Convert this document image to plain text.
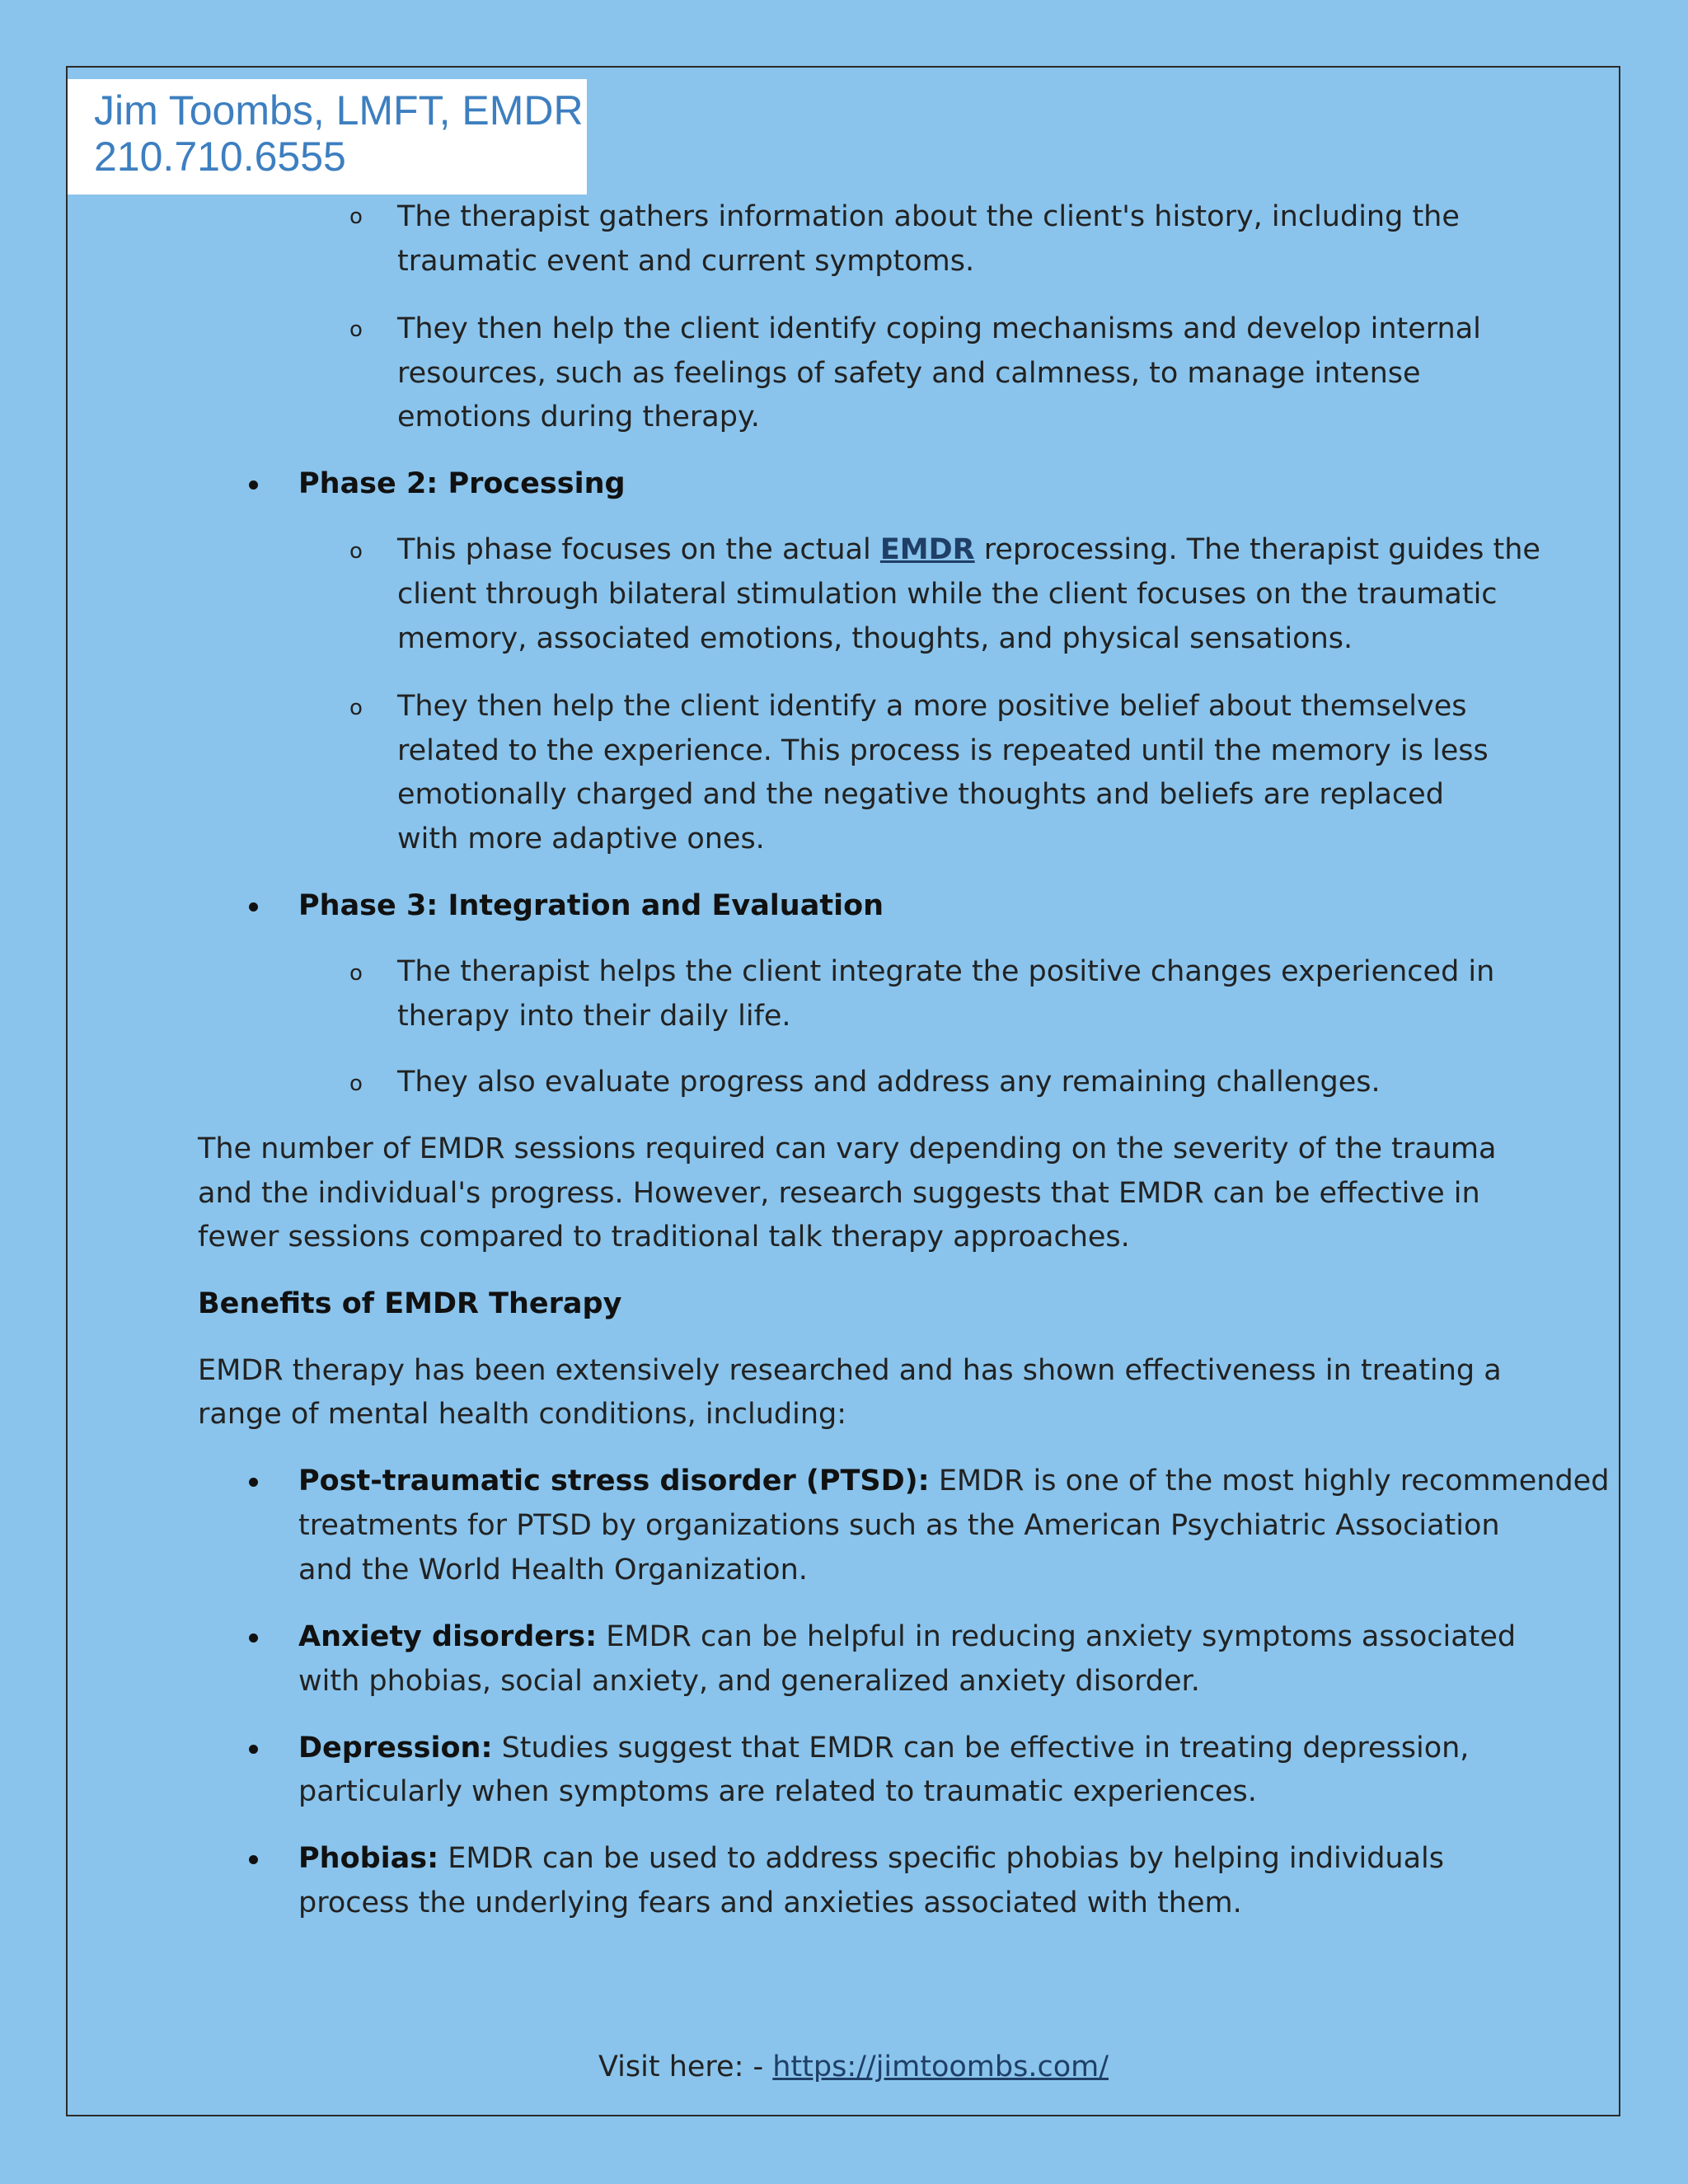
Jim Toombs, LMFT, EMDR
210.710.6555
o The therapist gathers information about the client's history, including the
traumatic event and current symptoms.
o They then help the client identify coping mechanisms and develop internal
resources, such as feelings of safety and calmness, to manage intense
emotions during therapy.
Phase 2: Processing
o This phase focuses on the actual EMDR reprocessing. The therapist guides the
client through bilateral stimulation while the client focuses on the traumatic
memory, associated emotions, thoughts, and physical sensations.
o They then help the client identify a more positive belief about themselves
related to the experience. This process is repeated until the memory is less
emotionally charged and the negative thoughts and beliefs are replaced
with more adaptive ones.
Phase 3: Integration and Evaluation
o The therapist helps the client integrate the positive changes experienced in
therapy into their daily life.
o They also evaluate progress and address any remaining challenges.
The number of EMDR sessions required can vary depending on the severity of the trauma
and the individual's progress. However, research suggests that EMDR can be effective in
fewer sessions compared to traditional talk therapy approaches.
Benefits of EMDR Therapy
EMDR therapy has been extensively researched and has shown effectiveness in treating a
range of mental health conditions, including:
Post-traumatic stress disorder (PTSD): EMDR is one of the most highly recommended
treatments for PTSD by organizations such as the American Psychiatric Association
and the World Health Organization.
Anxiety disorders: EMDR can be helpful in reducing anxiety symptoms associated
with phobias, social anxiety, and generalized anxiety disorder.
Depression: Studies suggest that EMDR can be effective in treating depression,
particularly when symptoms are related to traumatic experiences.
Phobias: EMDR can be used to address specific phobias by helping individuals
process the underlying fears and anxieties associated with them.
Visit here: - https://jimtoombs.com/
